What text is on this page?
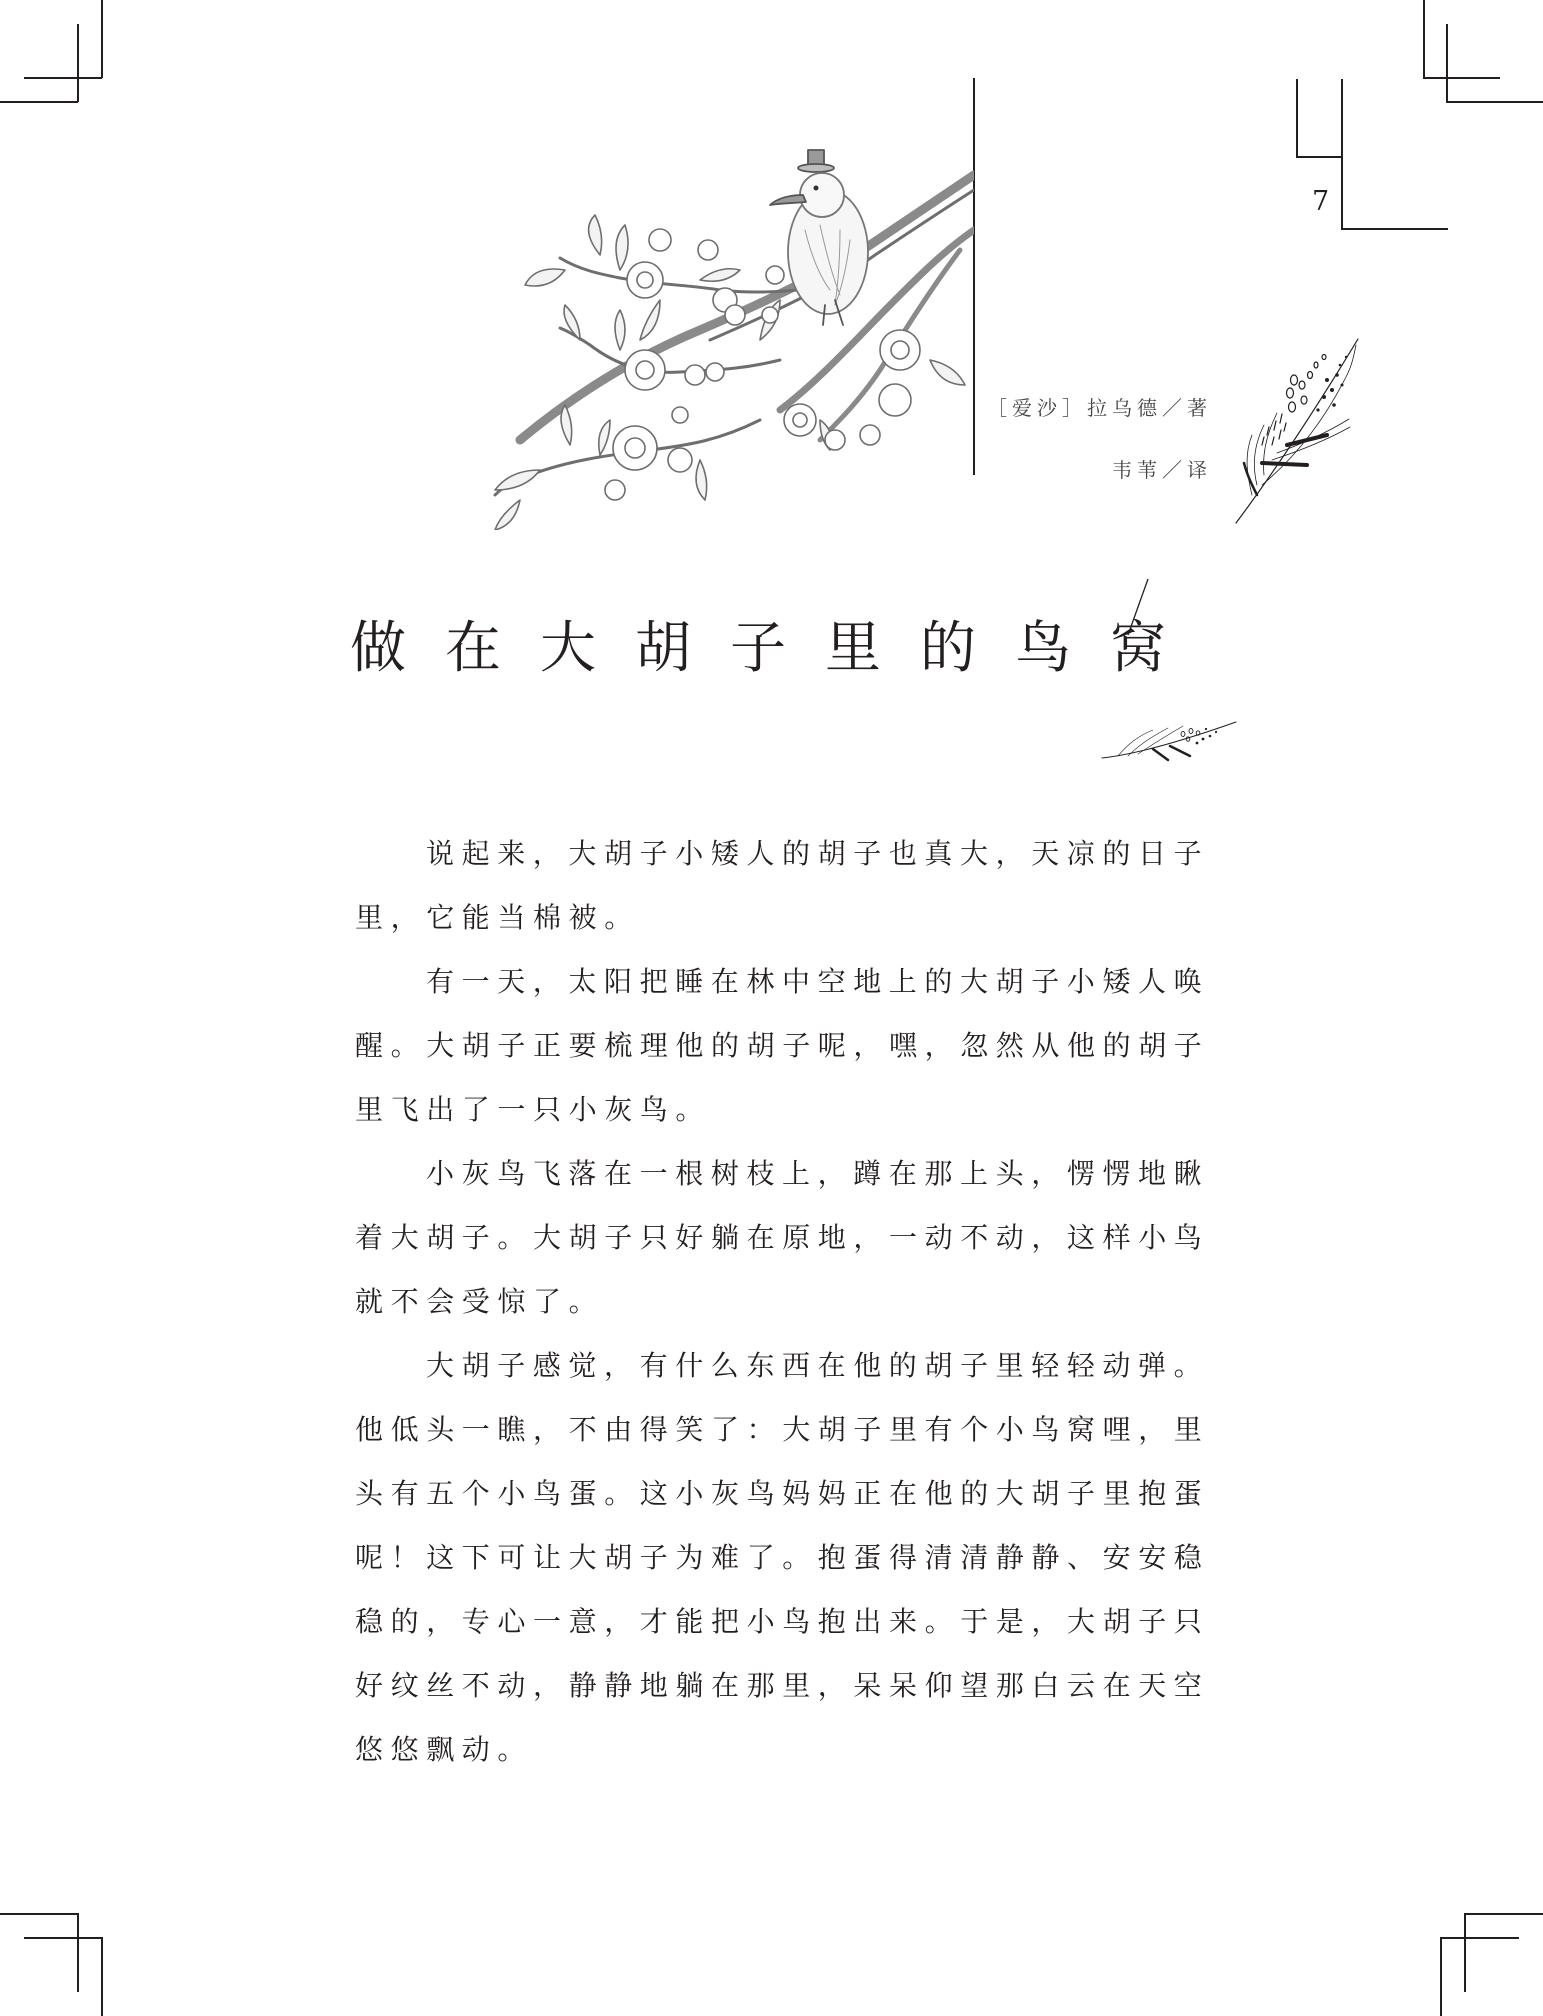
7
［爱沙］拉乌德／著
韦苇／译
做在大胡子里的鸟窝

说起来，大胡子小矮人的胡子也真大，天凉的日子里，它能当棉被。

有一天，太阳把睡在林中空地上的大胡子小矮人唤醒。大胡子正要梳理他的胡子呢，嘿，忽然从他的胡子里飞出了一只小灰鸟。

小灰鸟飞落在一根树枝上，蹲在那上头，愣愣地瞅着大胡子。大胡子只好躺在原地，一动不动，这样小鸟就不会受惊了。

大胡子感觉，有什么东西在他的胡子里轻轻动弹。他低头一瞧，不由得笑了：大胡子里有个小鸟窝哩，里头有五个小鸟蛋。这小灰鸟妈妈正在他的大胡子里抱蛋呢！这下可让大胡子为难了。抱蛋得清清静静、安安稳稳的，专心一意，才能把小鸟抱出来。于是，大胡子只好纹丝不动，静静地躺在那里，呆呆仰望那白云在天空悠悠飘动。
